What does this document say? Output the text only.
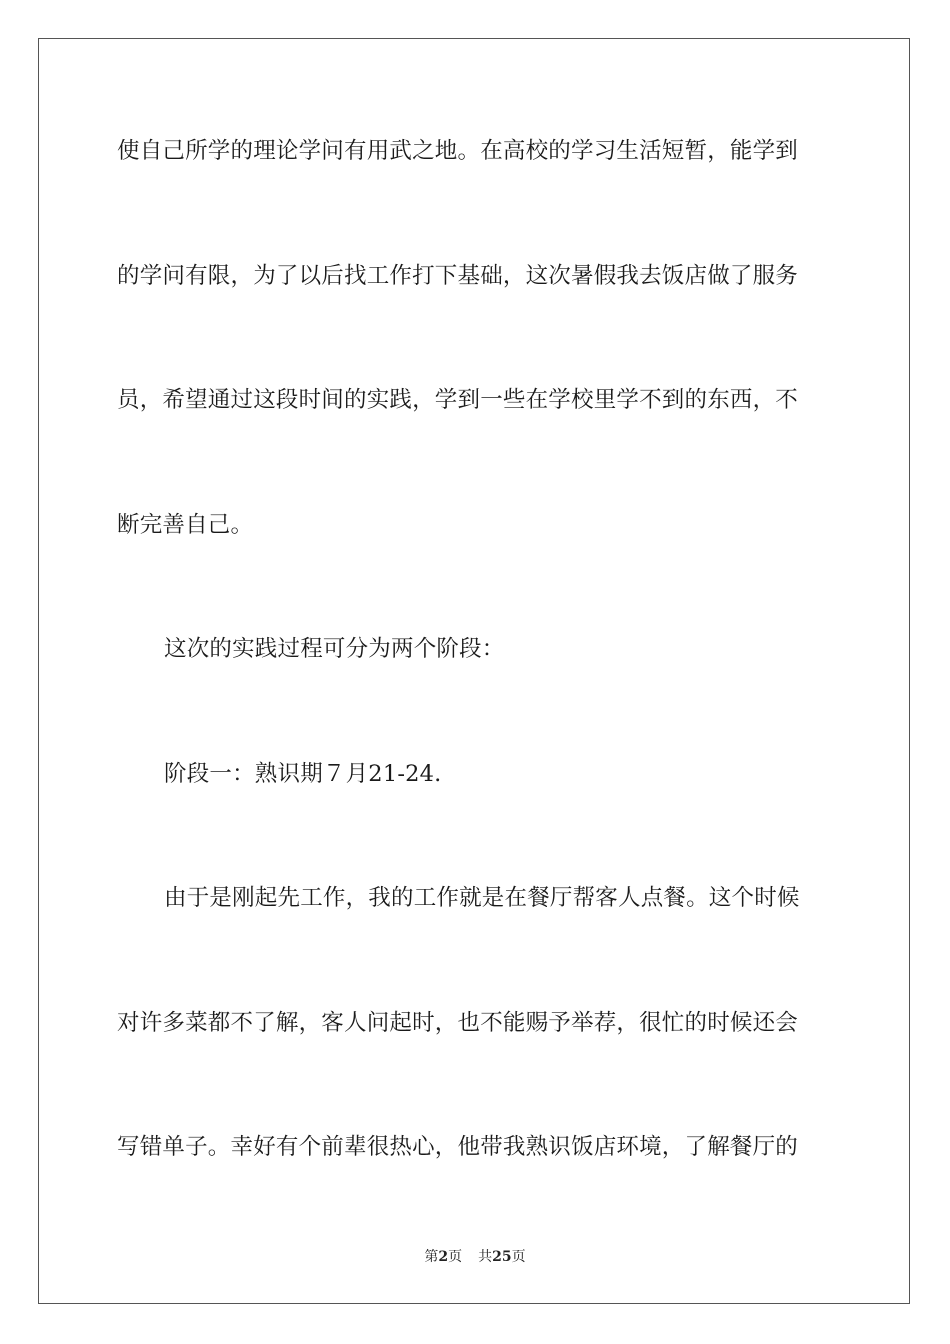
使自己所学的理论学问有用武之地。在高校的学习生活短暂，能学到
的学问有限，为了以后找工作打下基础，这次暑假我去饭店做了服务
员，希望通过这段时间的实践，学到一些在学校里学不到的东西，不
断完善自己。
这次的实践过程可分为两个阶段：
阶段一：熟识期７月21-24.
由于是刚起先工作，我的工作就是在餐厅帮客人点餐。这个时候
对许多菜都不了解，客人问起时，也不能赐予举荐，很忙的时候还会
写错单子。幸好有个前辈很热心，他带我熟识饭店环境，了解餐厅的
第2页 共25页
